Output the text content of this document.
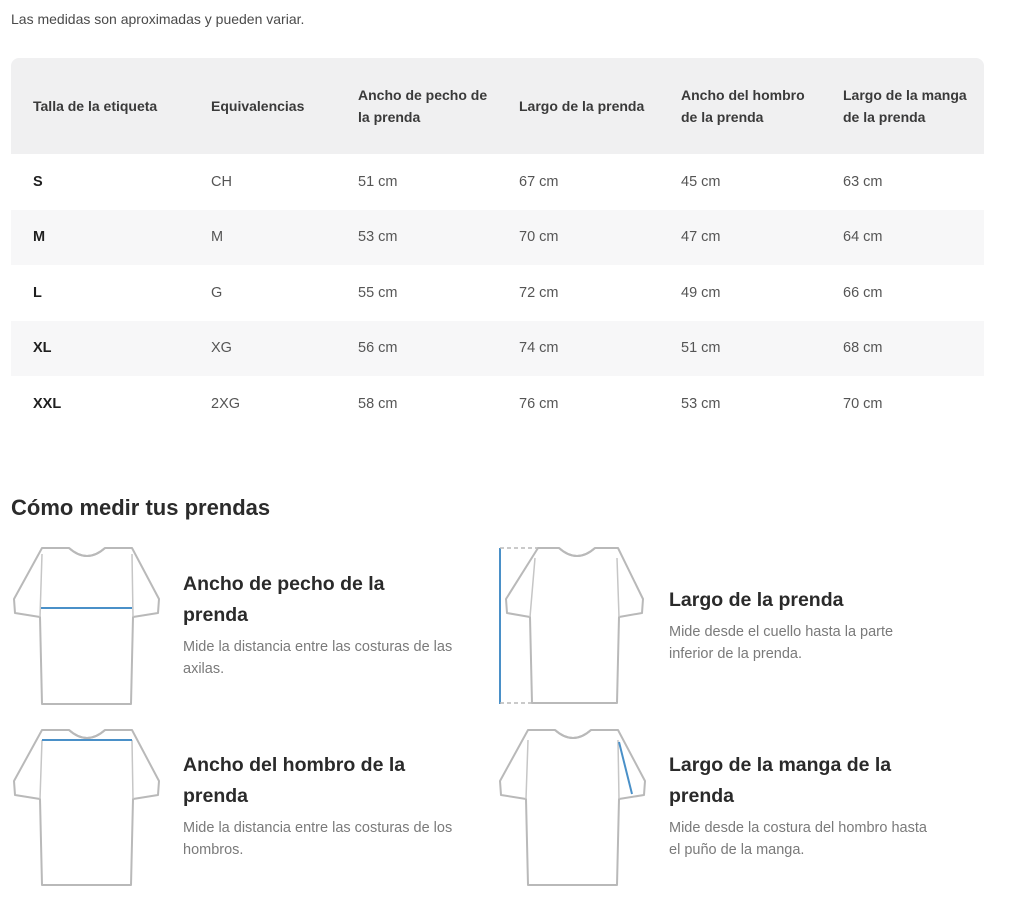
Las medidas son aproximadas y pueden variar.
Talla de la etiqueta	Equivalencias	Ancho de pecho de la prenda	Largo de la prenda	Ancho del hombro de la prenda	Largo de la manga de la prenda

S	CH	51 cm	67 cm	45 cm	63 cm

M	M	53 cm	70 cm	47 cm	64 cm

L	G	55 cm	72 cm	49 cm	66 cm

XL	XG	56 cm	74 cm	51 cm	68 cm

XXL	2XG	58 cm	76 cm	53 cm	70 cm
Cómo medir tus prendas

Ancho de pecho de la prenda

Mide la distancia entre las costuras de las axilas.

Largo de la prenda

Mide desde el cuello hasta la parte inferior de la prenda.

Ancho del hombro de la prenda

Mide la distancia entre las costuras de los hombros.

Largo de la manga de la prenda

Mide desde la costura del hombro hasta el puño de la manga.
